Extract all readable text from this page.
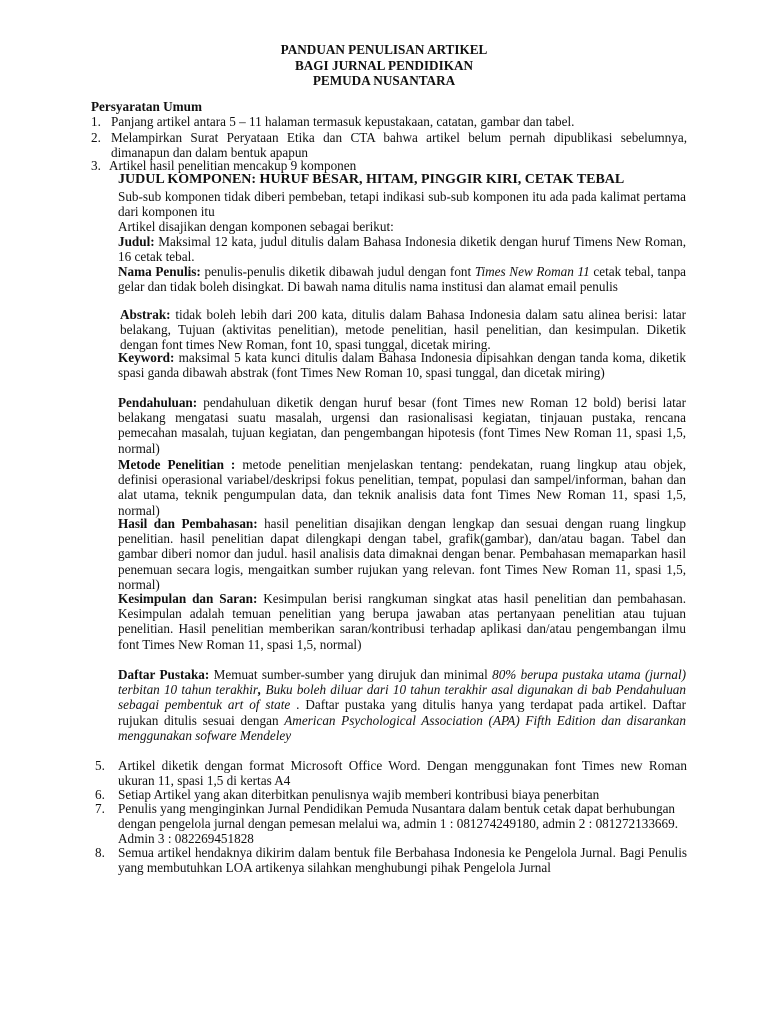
PANDUAN PENULISAN ARTIKEL
BAGI JURNAL PENDIDIKAN
PEMUDA NUSANTARA
Persyaratan Umum
1. Panjang artikel antara 5 – 11 halaman termasuk kepustakaan, catatan, gambar dan tabel.
2. Melampirkan Surat Peryataan Etika dan CTA bahwa artikel belum pernah dipublikasi sebelumnya, dimanapun dan dalam bentuk apapun
3. Artikel hasil penelitian mencakup 9 komponen
JUDUL KOMPONEN: HURUF BESAR, HITAM, PINGGIR KIRI, CETAK TEBAL
Sub-sub komponen tidak diberi pembeban, tetapi indikasi sub-sub komponen itu ada pada kalimat pertama dari komponen itu
Artikel disajikan dengan komponen sebagai berikut:
Judul: Maksimal 12 kata, judul ditulis dalam Bahasa Indonesia diketik dengan huruf Timens New Roman, 16 cetak tebal.
Nama Penulis: penulis-penulis diketik dibawah judul dengan font Times New Roman 11 cetak tebal, tanpa gelar dan tidak boleh disingkat. Di bawah nama ditulis nama institusi dan alamat email penulis
Abstrak: tidak boleh lebih dari 200 kata, ditulis dalam Bahasa Indonesia dalam satu alinea berisi: latar belakang, Tujuan (aktivitas penelitian), metode penelitian, hasil penelitian, dan kesimpulan. Diketik dengan font times New Roman, font 10, spasi tunggal, dicetak miring.
Keyword: maksimal 5 kata kunci ditulis dalam Bahasa Indonesia dipisahkan dengan tanda koma, diketik spasi ganda dibawah abstrak (font Times New Roman 10, spasi tunggal, dan dicetak miring)
Pendahuluan: pendahuluan diketik dengan huruf besar (font Times new Roman 12 bold) berisi latar belakang mengatasi suatu masalah, urgensi dan rasionalisasi kegiatan, tinjauan pustaka, rencana pemecahan masalah, tujuan kegiatan, dan pengembangan hipotesis (font Times New Roman 11, spasi 1,5, normal)
Metode Penelitian : metode penelitian menjelaskan tentang: pendekatan, ruang lingkup atau objek, definisi operasional variabel/deskripsi fokus penelitian, tempat, populasi dan sampel/informan, bahan dan alat utama, teknik pengumpulan data, dan teknik analisis data font Times New Roman 11, spasi 1,5, normal)
Hasil dan Pembahasan: hasil penelitian disajikan dengan lengkap dan sesuai dengan ruang lingkup penelitian. hasil penelitian dapat dilengkapi dengan tabel, grafik(gambar), dan/atau bagan. Tabel dan gambar diberi nomor dan judul. hasil analisis data dimaknai dengan benar. Pembahasan memaparkan hasil penemuan secara logis, mengaitkan sumber rujukan yang relevan. font Times New Roman 11, spasi 1,5, normal)
Kesimpulan dan Saran: Kesimpulan berisi rangkuman singkat atas hasil penelitian dan pembahasan. Kesimpulan adalah temuan penelitian yang berupa jawaban atas pertanyaan penelitian atau tujuan penelitian. Hasil penelitian memberikan saran/kontribusi terhadap aplikasi dan/atau pengembangan ilmu font Times New Roman 11, spasi 1,5, normal)
Daftar Pustaka: Memuat sumber-sumber yang dirujuk dan minimal 80% berupa pustaka utama (jurnal) terbitan 10 tahun terakhir, Buku boleh diluar dari 10 tahun terakhir asal digunakan di bab Pendahuluan sebagai pembentuk art of state . Daftar pustaka yang ditulis hanya yang terdapat pada artikel. Daftar rujukan ditulis sesuai dengan American Psychological Association (APA) Fifth Edition dan disarankan menggunakan sofware Mendeley
5. Artikel diketik dengan format Microsoft Office Word. Dengan menggunakan font Times new Roman ukuran 11, spasi 1,5 di kertas A4
6. Setiap Artikel yang akan diterbitkan penulisnya wajib memberi kontribusi biaya penerbitan
7. Penulis yang menginginkan Jurnal Pendidikan Pemuda Nusantara dalam bentuk cetak dapat berhubungan dengan pengelola jurnal dengan pemesan melalui wa, admin 1 : 081274249180, admin 2 : 081272133669. Admin 3 : 082269451828
8. Semua artikel hendaknya dikirim dalam bentuk file Berbahasa Indonesia ke Pengelola Jurnal. Bagi Penulis yang membutuhkan LOA artikenya silahkan menghubungi pihak Pengelola Jurnal
